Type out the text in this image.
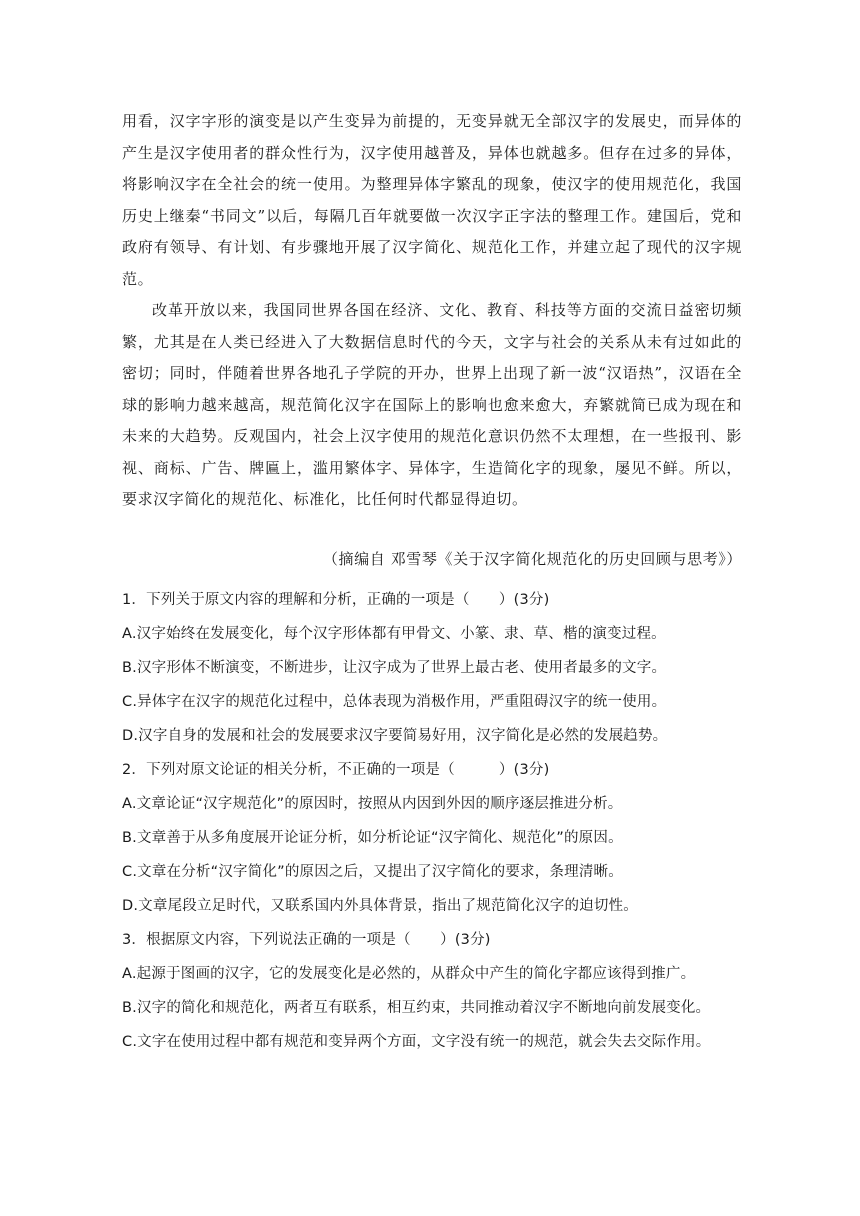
用看，汉字字形的演变是以产生变异为前提的，无变异就无全部汉字的发展史，而异体的产生是汉字使用者的群众性行为，汉字使用越普及，异体也就越多。但存在过多的异体，将影响汉字在全社会的统一使用。为整理异体字繁乱的现象，使汉字的使用规范化，我国历史上继秦“书同文”以后，每隔几百年就要做一次汉字正字法的整理工作。建国后，党和政府有领导、有计划、有步骤地开展了汉字简化、规范化工作，并建立起了现代的汉字规范。

改革开放以来，我国同世界各国在经济、文化、教育、科技等方面的交流日益密切频繁，尤其是在人类已经进入了大数据信息时代的今天，文字与社会的关系从未有过如此的密切；同时，伴随着世界各地孔子学院的开办，世界上出现了新一波“汉语热”，汉语在全球的影响力越来越高，规范简化汉字在国际上的影响也愈来愈大，弃繁就简已成为现在和未来的大趋势。反观国内，社会上汉字使用的规范化意识仍然不太理想，在一些报刊、影视、商标、广告、牌匾上，滥用繁体字、异体字，生造简化字的现象，屡见不鲜。所以，要求汉字简化的规范化、标准化，比任何时代都显得迫切。

（摘编自 邓雪琴《关于汉字简化规范化的历史回顾与思考》）

1．下列关于原文内容的理解和分析，正确的一项是（　　）(3分)

A.汉字始终在发展变化，每个汉字形体都有甲骨文、小篆、隶、草、楷的演变过程。

B.汉字形体不断演变，不断进步，让汉字成为了世界上最古老、使用者最多的文字。

C.异体字在汉字的规范化过程中，总体表现为消极作用，严重阻碍汉字的统一使用。

D.汉字自身的发展和社会的发展要求汉字要简易好用，汉字简化是必然的发展趋势。

2．下列对原文论证的相关分析，不正确的一项是（　　　）(3分)

A.文章论证“汉字规范化”的原因时，按照从内因到外因的顺序逐层推进分析。

B.文章善于从多角度展开论证分析，如分析论证“汉字简化、规范化”的原因。

C.文章在分析“汉字简化”的原因之后，又提出了汉字简化的要求，条理清晰。

D.文章尾段立足时代，又联系国内外具体背景，指出了规范简化汉字的迫切性。

3．根据原文内容，下列说法正确的一项是（　　）(3分)

A.起源于图画的汉字，它的发展变化是必然的，从群众中产生的简化字都应该得到推广。

B.汉字的简化和规范化，两者互有联系，相互约束，共同推动着汉字不断地向前发展变化。

C.文字在使用过程中都有规范和变异两个方面，文字没有统一的规范，就会失去交际作用。
